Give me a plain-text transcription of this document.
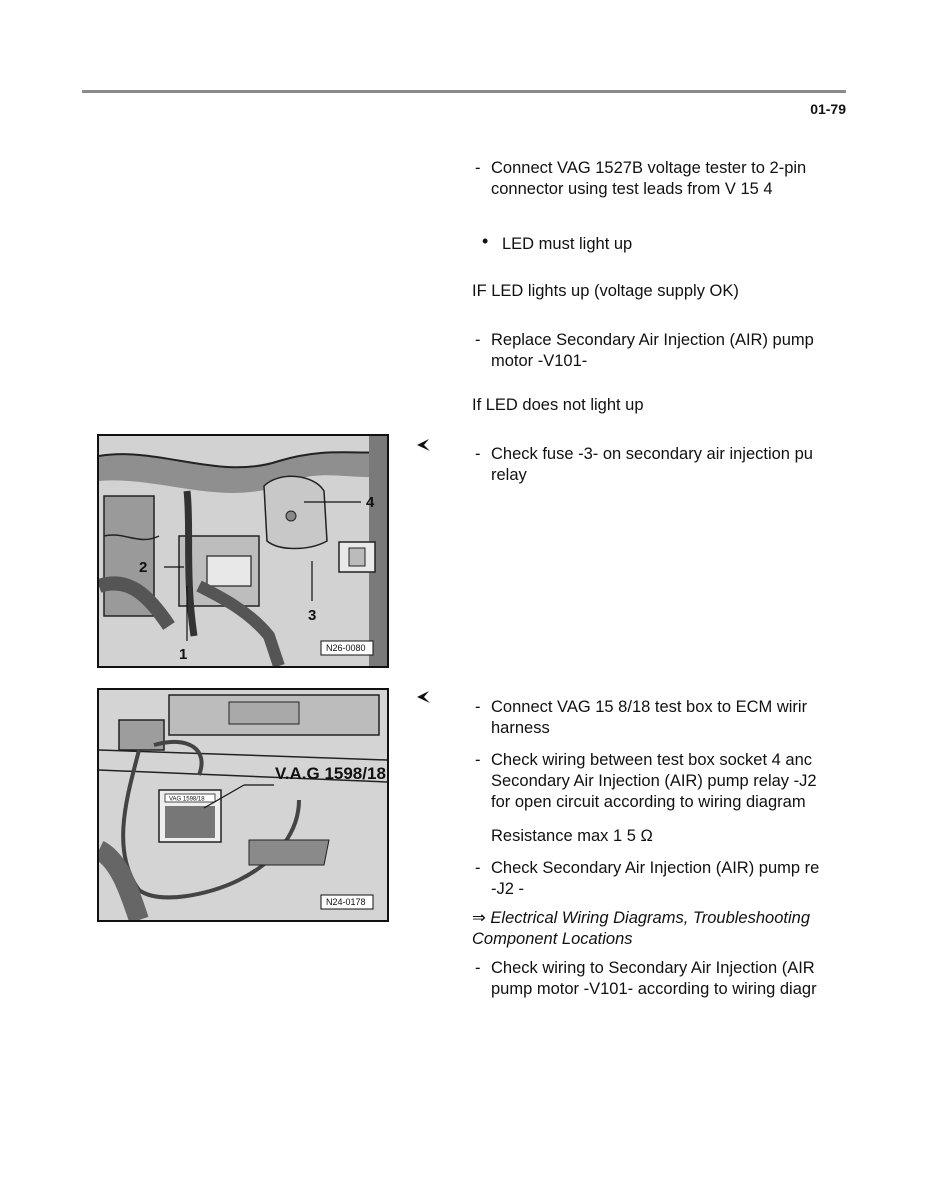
01-79
- Connect VAG 1527B voltage tester to 2-pin
connector using test leads from V 15 4
• LED must light up
IF LED lights up (voltage supply OK)
- Replace Secondary Air Injection (AIR) pump
motor -V101-
If LED does not light up
- Check fuse -3- on secondary air injection pu
relay
2
1
3
4
N26-0080
VAG 1598/18
V.A.G 1598/18
N24-0178
- Connect VAG 15 8/18 test box to ECM wirir
harness
- Check wiring between test box socket 4 anc
Secondary Air Injection (AIR) pump relay -J2
for open circuit according to wiring diagram
Resistance max 1 5 Ω
- Check Secondary Air Injection (AIR) pump re
-J2 -
⇒ Electrical Wiring Diagrams, Troubleshooting
Component Locations
- Check wiring to Secondary Air Injection (AIR
pump motor -V101- according to wiring diagr
